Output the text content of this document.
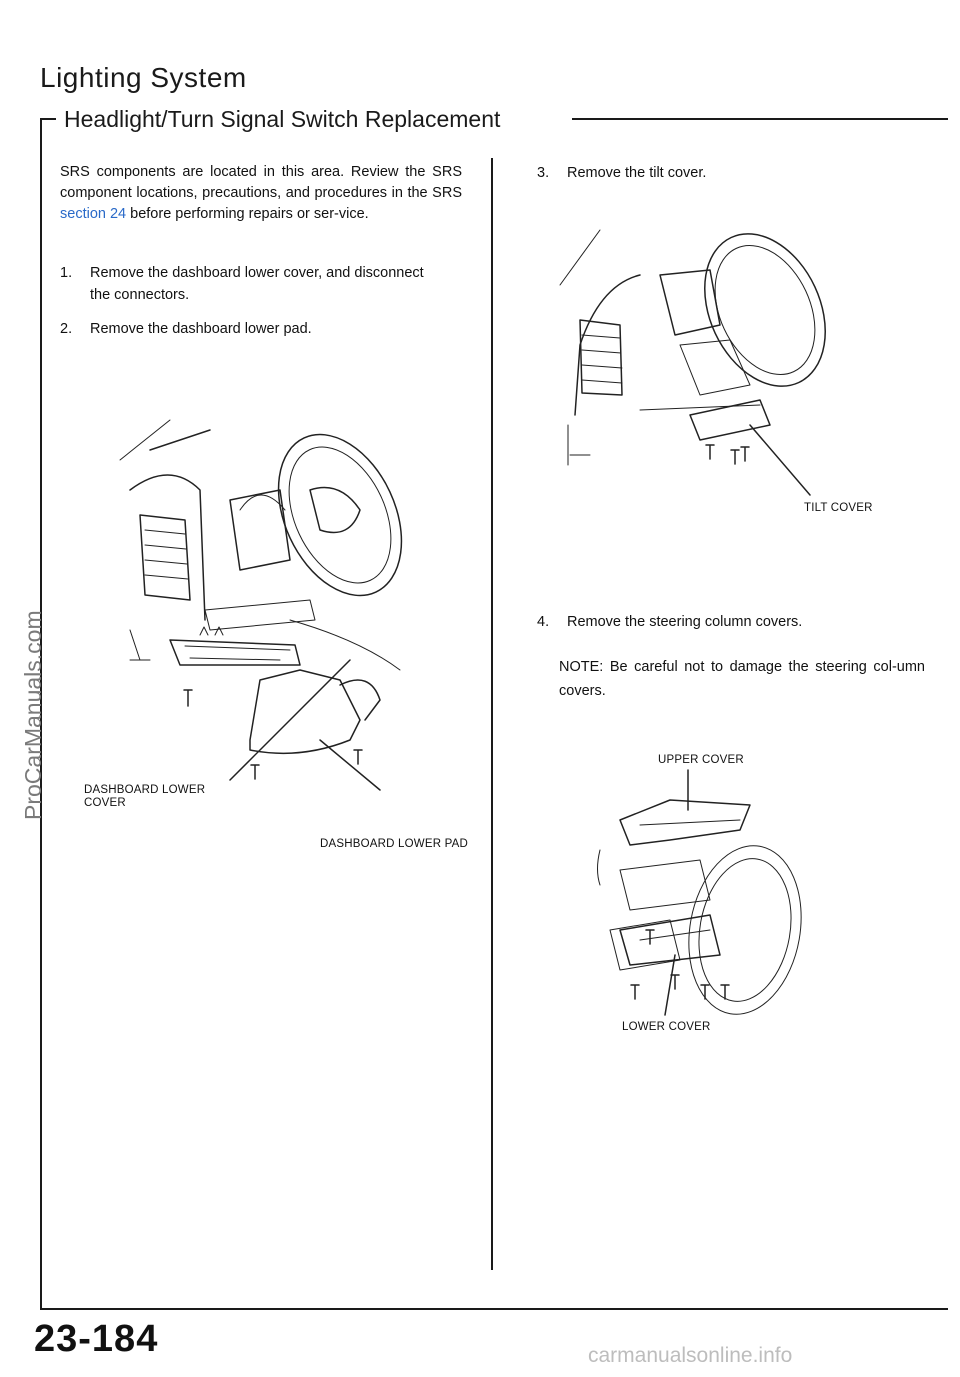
Lighting System
Headlight/Turn Signal Switch Replacement
SRS components are located in this area. Review the SRS component locations, precautions, and procedures in the SRS section 24 before performing repairs or ser-vice.
1. Remove the dashboard lower cover, and disconnect
the connectors.
2. Remove the dashboard lower pad.
3. Remove the tilt cover.
4. Remove the steering column covers.
NOTE: Be careful not to damage the steering col-umn covers.
DASHBOARD LOWER COVER
DASHBOARD LOWER PAD
TILT COVER
UPPER COVER
LOWER COVER
23-184
ProCarManuals.com
carmanualsonline.info
